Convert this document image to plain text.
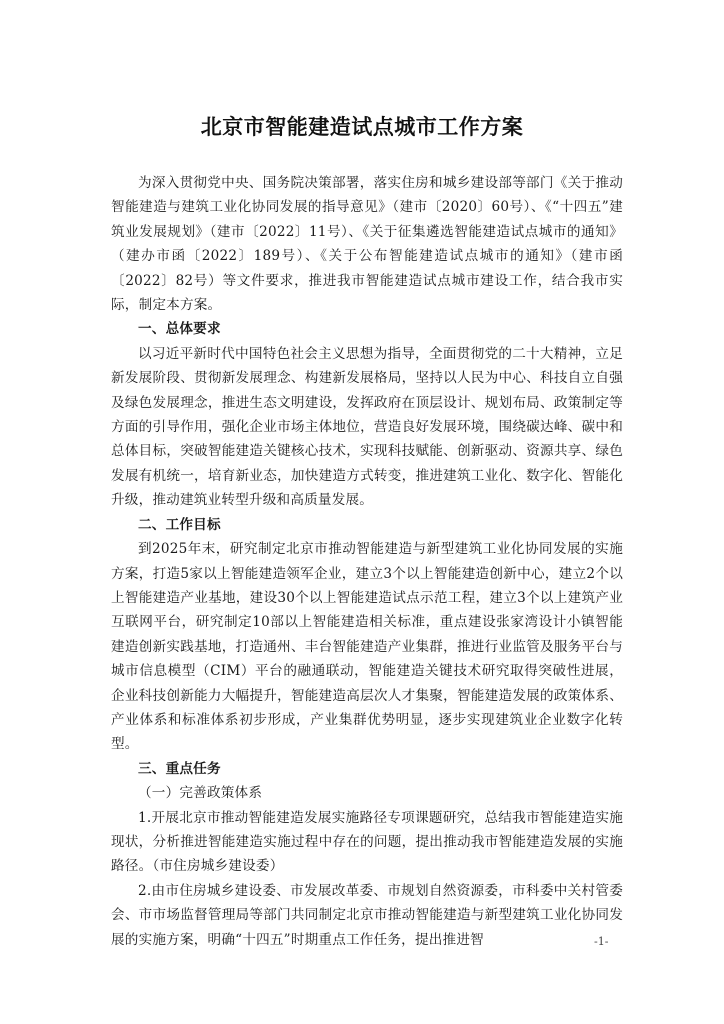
北京市智能建造试点城市工作方案

为深入贯彻党中央、国务院决策部署，落实住房和城乡建设部等部门《关于推动智能建造与建筑工业化协同发展的指导意见》（建市〔2020〕60号）、《“十四五”建筑业发展规划》（建市〔2022〕11号）、《关于征集遴选智能建造试点城市的通知》（建办市函〔2022〕189号）、《关于公布智能建造试点城市的通知》（建市函〔2022〕82号）等文件要求，推进我市智能建造试点城市建设工作，结合我市实际，制定本方案。

一、总体要求

以习近平新时代中国特色社会主义思想为指导，全面贯彻党的二十大精神，立足新发展阶段、贯彻新发展理念、构建新发展格局，坚持以人民为中心、科技自立自强及绿色发展理念，推进生态文明建设，发挥政府在顶层设计、规划布局、政策制定等方面的引导作用，强化企业市场主体地位，营造良好发展环境，围绕碳达峰、碳中和总体目标，突破智能建造关键核心技术，实现科技赋能、创新驱动、资源共享、绿色发展有机统一，培育新业态，加快建造方式转变，推进建筑工业化、数字化、智能化升级，推动建筑业转型升级和高质量发展。

二、工作目标

到2025年末，研究制定北京市推动智能建造与新型建筑工业化协同发展的实施方案，打造5家以上智能建造领军企业，建立3个以上智能建造创新中心，建立2个以上智能建造产业基地，建设30个以上智能建造试点示范工程，建立3个以上建筑产业互联网平台，研究制定10部以上智能建造相关标准，重点建设张家湾设计小镇智能建造创新实践基地，打造通州、丰台智能建造产业集群，推进行业监管及服务平台与城市信息模型（CIM）平台的融通联动，智能建造关键技术研究取得突破性进展，企业科技创新能力大幅提升，智能建造高层次人才集聚，智能建造发展的政策体系、产业体系和标准体系初步形成，产业集群优势明显，逐步实现建筑业企业数字化转型。

三、重点任务
（一）完善政策体系

1.开展北京市推动智能建造发展实施路径专项课题研究，总结我市智能建造实施现状，分析推进智能建造实施过程中存在的问题，提出推动我市智能建造发展的实施路径。（市住房城乡建设委）

2.由市住房城乡建设委、市发展改革委、市规划自然资源委，市科委中关村管委会、市市场监督管理局等部门共同制定北京市推动智能建造与新型建筑工业化协同发展的实施方案，明确“十四五”时期重点工作任务，提出推进智	-1-
